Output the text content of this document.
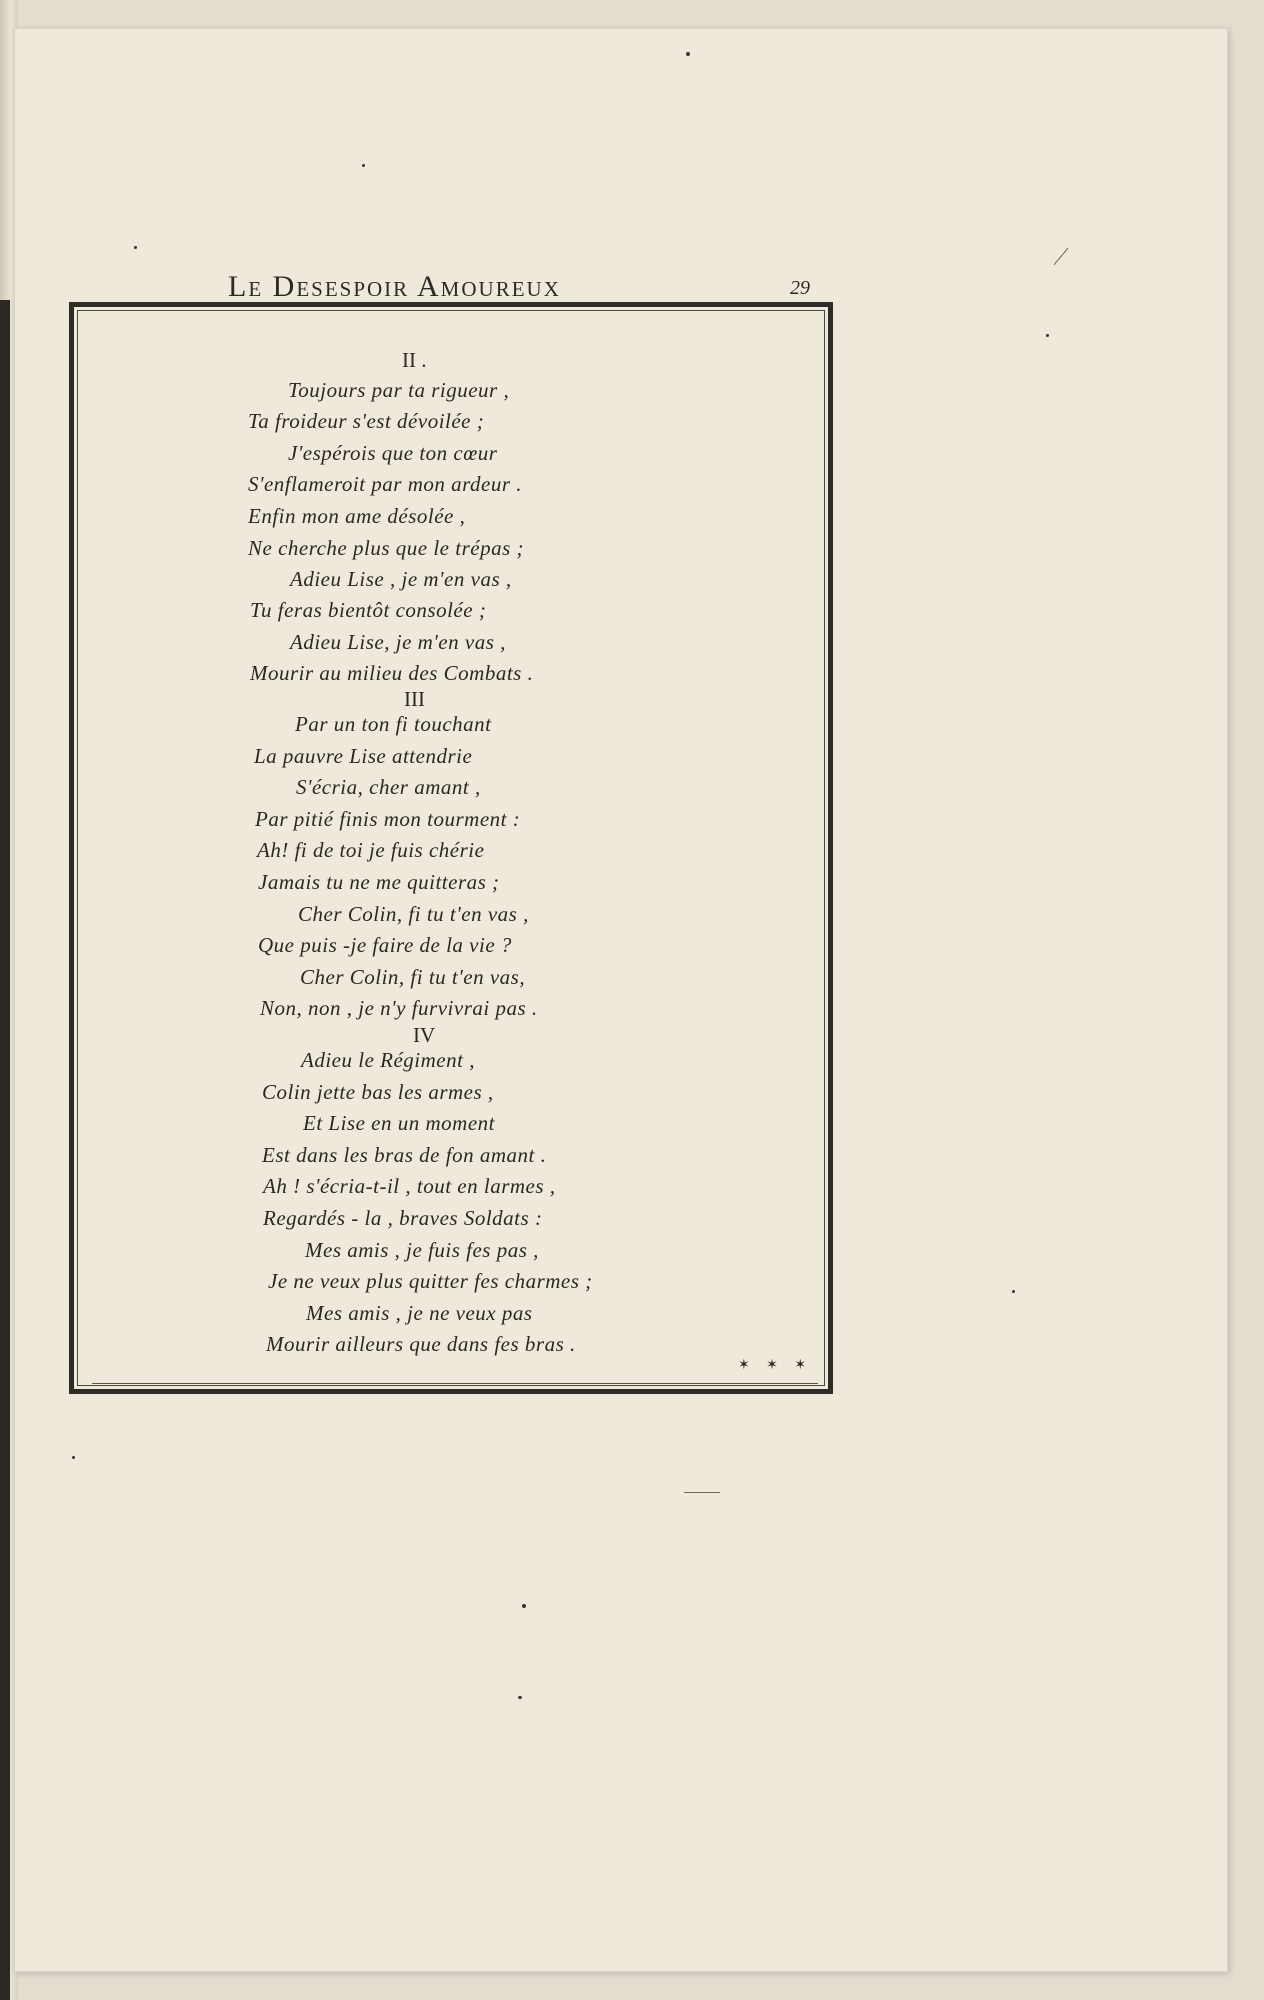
Le Desespoir Amoureux	29
II .
Toujours par ta rigueur ,
Ta froideur s'est dévoilée ;
J'espérois que ton cœur
S'enflameroit par mon ardeur .
Enfin mon ame désolée ,
Ne cherche plus que le trépas ;
Adieu Lise , je m'en vas ,
Tu feras bientôt consolée ;
Adieu Lise, je m'en vas ,
Mourir au milieu des Combats .
III
Par un ton fi touchant
La pauvre Lise attendrie
S'écria, cher amant ,
Par pitié finis mon tourment :
Ah! fi de toi je fuis chérie
Jamais tu ne me quitteras ;
Cher Colin, fi tu t'en vas ,
Que puis -je faire de la vie ?
Cher Colin, fi tu t'en vas,
Non, non , je n'y furvivrai pas .
IV
Adieu le Régiment ,
Colin jette bas les armes ,
Et Lise en un moment
Est dans les bras de fon amant .
Ah ! s'écria-t-il , tout en larmes ,
Regardés - la , braves Soldats :
Mes amis , je fuis fes pas ,
Je ne veux plus quitter fes charmes ;
Mes amis , je ne veux pas
Mourir ailleurs que dans fes bras .
✶ ✶ ✶
